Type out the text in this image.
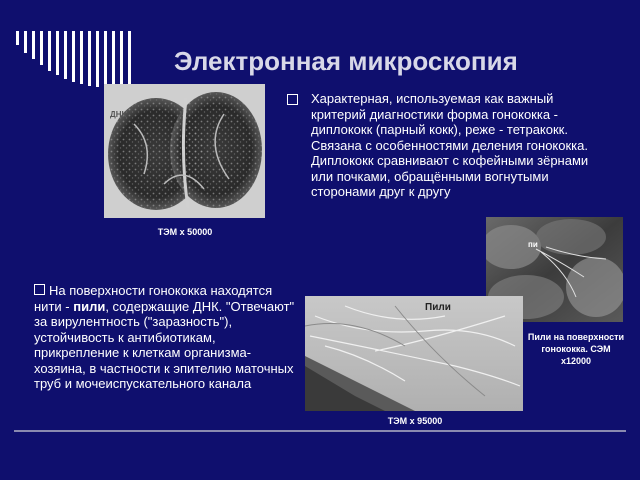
Электронная микроскопия
ДНК
ТЭМ x 50000
Характерная, используемая как важный критерий диагностики форма гонококка - диплококк (парный кокк), реже - тетракокк. Связана с особенностями деления гонококка. Диплококк сравнивают с кофейными зёрнами или почками, обращёнными вогнутыми сторонами друг к другу
пи
Пили на поверхности гонококка. СЭМ x12000
На поверхности гонококка находятся нити - пили, содержащие ДНК. "Отвечают" за вирулентность ("заразность"), устойчивость к антибиотикам, прикрепление к клеткам организма-хозяина, в частности к эпителию маточных труб и мочеиспускательного канала
Пили
ТЭМ x 95000
